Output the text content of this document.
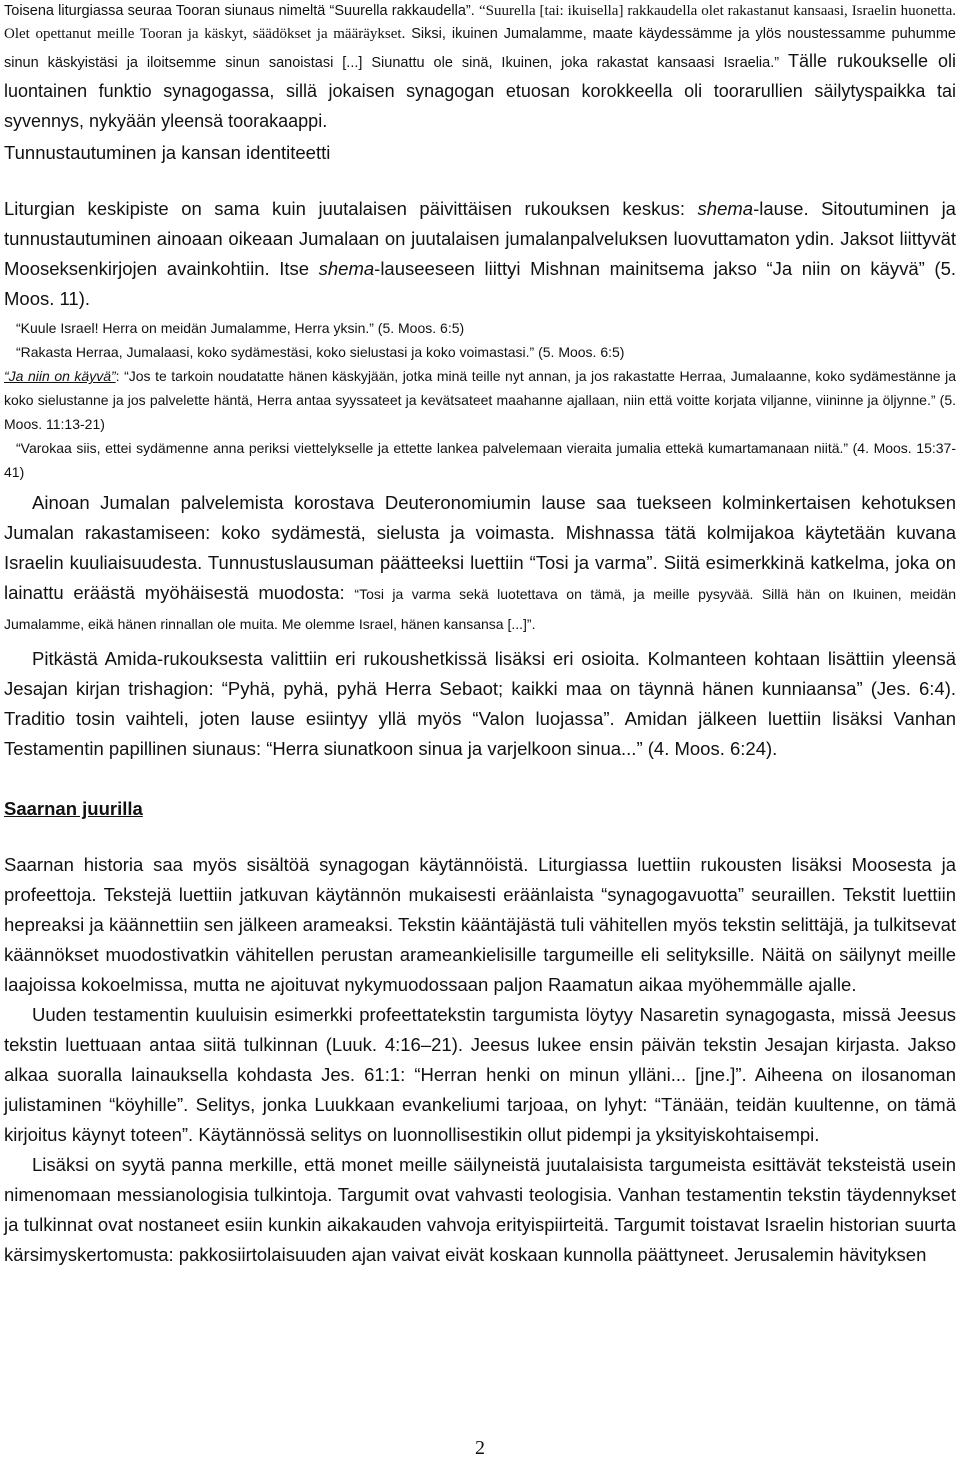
Toisena liturgiassa seuraa Tooran siunaus nimeltä “Suurella rakkaudella”. “Suurella [tai: ikuisella] rakkaudella olet rakastanut kansaasi, Israelin huonetta. Olet opettanut meille Tooran ja käskyt, säädökset ja määräykset. Siksi, ikuinen Jumalamme, maate käydessämme ja ylös noustessamme puhumme sinun käskyistäsi ja iloitsemme sinun sanoistasi [...] Siunattu ole sinä, Ikuinen, joka rakastat kansaasi Israelia.” Tälle rukoukselle oli luontainen funktio synagogassa, sillä jokaisen synagogan etuosan korokkeella oli toorarullien säilytyspaikka tai syvennys, nykyään yleensä toorakaappi.

Tunnustautuminen ja kansan identiteetti

Liturgian keskipiste on sama kuin juutalaisen päivittäisen rukouksen keskus: shema-lause. Sitoutuminen ja tunnustautuminen ainoaan oikeaan Jumalaan on juutalaisen jumalanpalveluksen luovuttamaton ydin. Jaksot liittyvät Mooseksenkirjojen avainkohtiin. Itse shema-lauseeseen liittyi Mishnan mainitsema jakso “Ja niin on käyvä” (5. Moos. 11).

“Kuule Israel! Herra on meidän Jumalamme, Herra yksin.” (5. Moos. 6:5)

“Rakasta Herraa, Jumalaasi, koko sydämestäsi, koko sielustasi ja koko voimastasi.” (5. Moos. 6:5)

“Ja niin on käyvä”: “Jos te tarkoin noudatatte hänen käskyjään, jotka minä teille nyt annan, ja jos rakastatte Herraa, Jumalaanne, koko sydämestänne ja koko sielustanne ja jos palvelette häntä, Herra antaa syyssateet ja kevätsateet maahanne ajallaan, niin että voitte korjata viljanne, viininne ja öljynne.” (5. Moos. 11:13-21)

“Varokaa siis, ettei sydämenne anna periksi viettelykselle ja ettette lankea palvelemaan vieraita jumalia ettekä kumartamanaan niitä.” (4. Moos. 15:37-41)

Ainoan Jumalan palvelemista korostava Deuteronomiumin lause saa tuekseen kolminkertaisen kehotuksen Jumalan rakastamiseen: koko sydämestä, sielusta ja voimasta. Mishnassa tätä kolmijakoa käytetään kuvana Israelin kuuliaisuudesta. Tunnustuslausuman päätteeksi luettiin “Tosi ja varma”. Siitä esimerkkinä katkelma, joka on lainattu eräästä myöhäisestä muodosta: “Tosi ja varma sekä luotettava on tämä, ja meille pysyvää. Sillä hän on Ikuinen, meidän Jumalamme, eikä hänen rinnallan ole muita. Me olemme Israel, hänen kansansa [...]”.

Pitkästä Amida-rukouksesta valittiin eri rukoushetkissä lisäksi eri osioita. Kolmanteen kohtaan lisättiin yleensä Jesajan kirjan trishagion: “Pyhä, pyhä, pyhä Herra Sebaot; kaikki maa on täynnä hänen kunniaansa” (Jes. 6:4). Traditio tosin vaihteli, joten lause esiintyy yllä myös “Valon luojassa”. Amidan jälkeen luettiin lisäksi Vanhan Testamentin papillinen siunaus: “Herra siunatkoon sinua ja varjelkoon sinua...” (4. Moos. 6:24).

Saarnan juurilla

Saarnan historia saa myös sisältöä synagogan käytännöistä. Liturgiassa luettiin rukousten lisäksi Moosesta ja profeettoja. Tekstejä luettiin jatkuvan käytännön mukaisesti eräänlaista “synagogavuotta” seuraillen. Tekstit luettiin hepreaksi ja käännettiin sen jälkeen arameaksi. Tekstin kääntäjästä tuli vähitellen myös tekstin selittäjä, ja tulkitsevat käännökset muodostivatkin vähitellen perustan arameankielisille targumeille eli selityksille. Näitä on säilynyt meille laajoissa kokoelmissa, mutta ne ajoituvat nykymuodossaan paljon Raamatun aikaa myöhemmälle ajalle.

Uuden testamentin kuuluisin esimerkki profeettatekstin targumista löytyy Nasaretin synagogasta, missä Jeesus tekstin luettuaan antaa siitä tulkinnan (Luuk. 4:16–21). Jeesus lukee ensin päivän tekstin Jesajan kirjasta. Jakso alkaa suoralla lainauksella kohdasta Jes. 61:1: “Herran henki on minun ylläni... [jne.]”. Aiheena on ilosanoman julistaminen “köyhille”. Selitys, jonka Luukkaan evankeliumi tarjoaa, on lyhyt: “Tänään, teidän kuultenne, on tämä kirjoitus käynyt toteen”. Käytännössä selitys on luonnollisestikin ollut pidempi ja yksityiskohtaisempi.

Lisäksi on syytä panna merkille, että monet meille säilyneistä juutalaisista targumeista esittävät teksteistä usein nimenomaan messianologisia tulkintoja. Targumit ovat vahvasti teologisia. Vanhan testamentin tekstin täydennykset ja tulkinnat ovat nostaneet esiin kunkin aikakauden vahvoja erityispiirteitä. Targumit toistavat Israelin historian suurta kärsimyskertomusta: pakkosiirtolaisuuden ajan vaivat eivät koskaan kunnolla päättyneet. Jerusalemin hävityksen

2
